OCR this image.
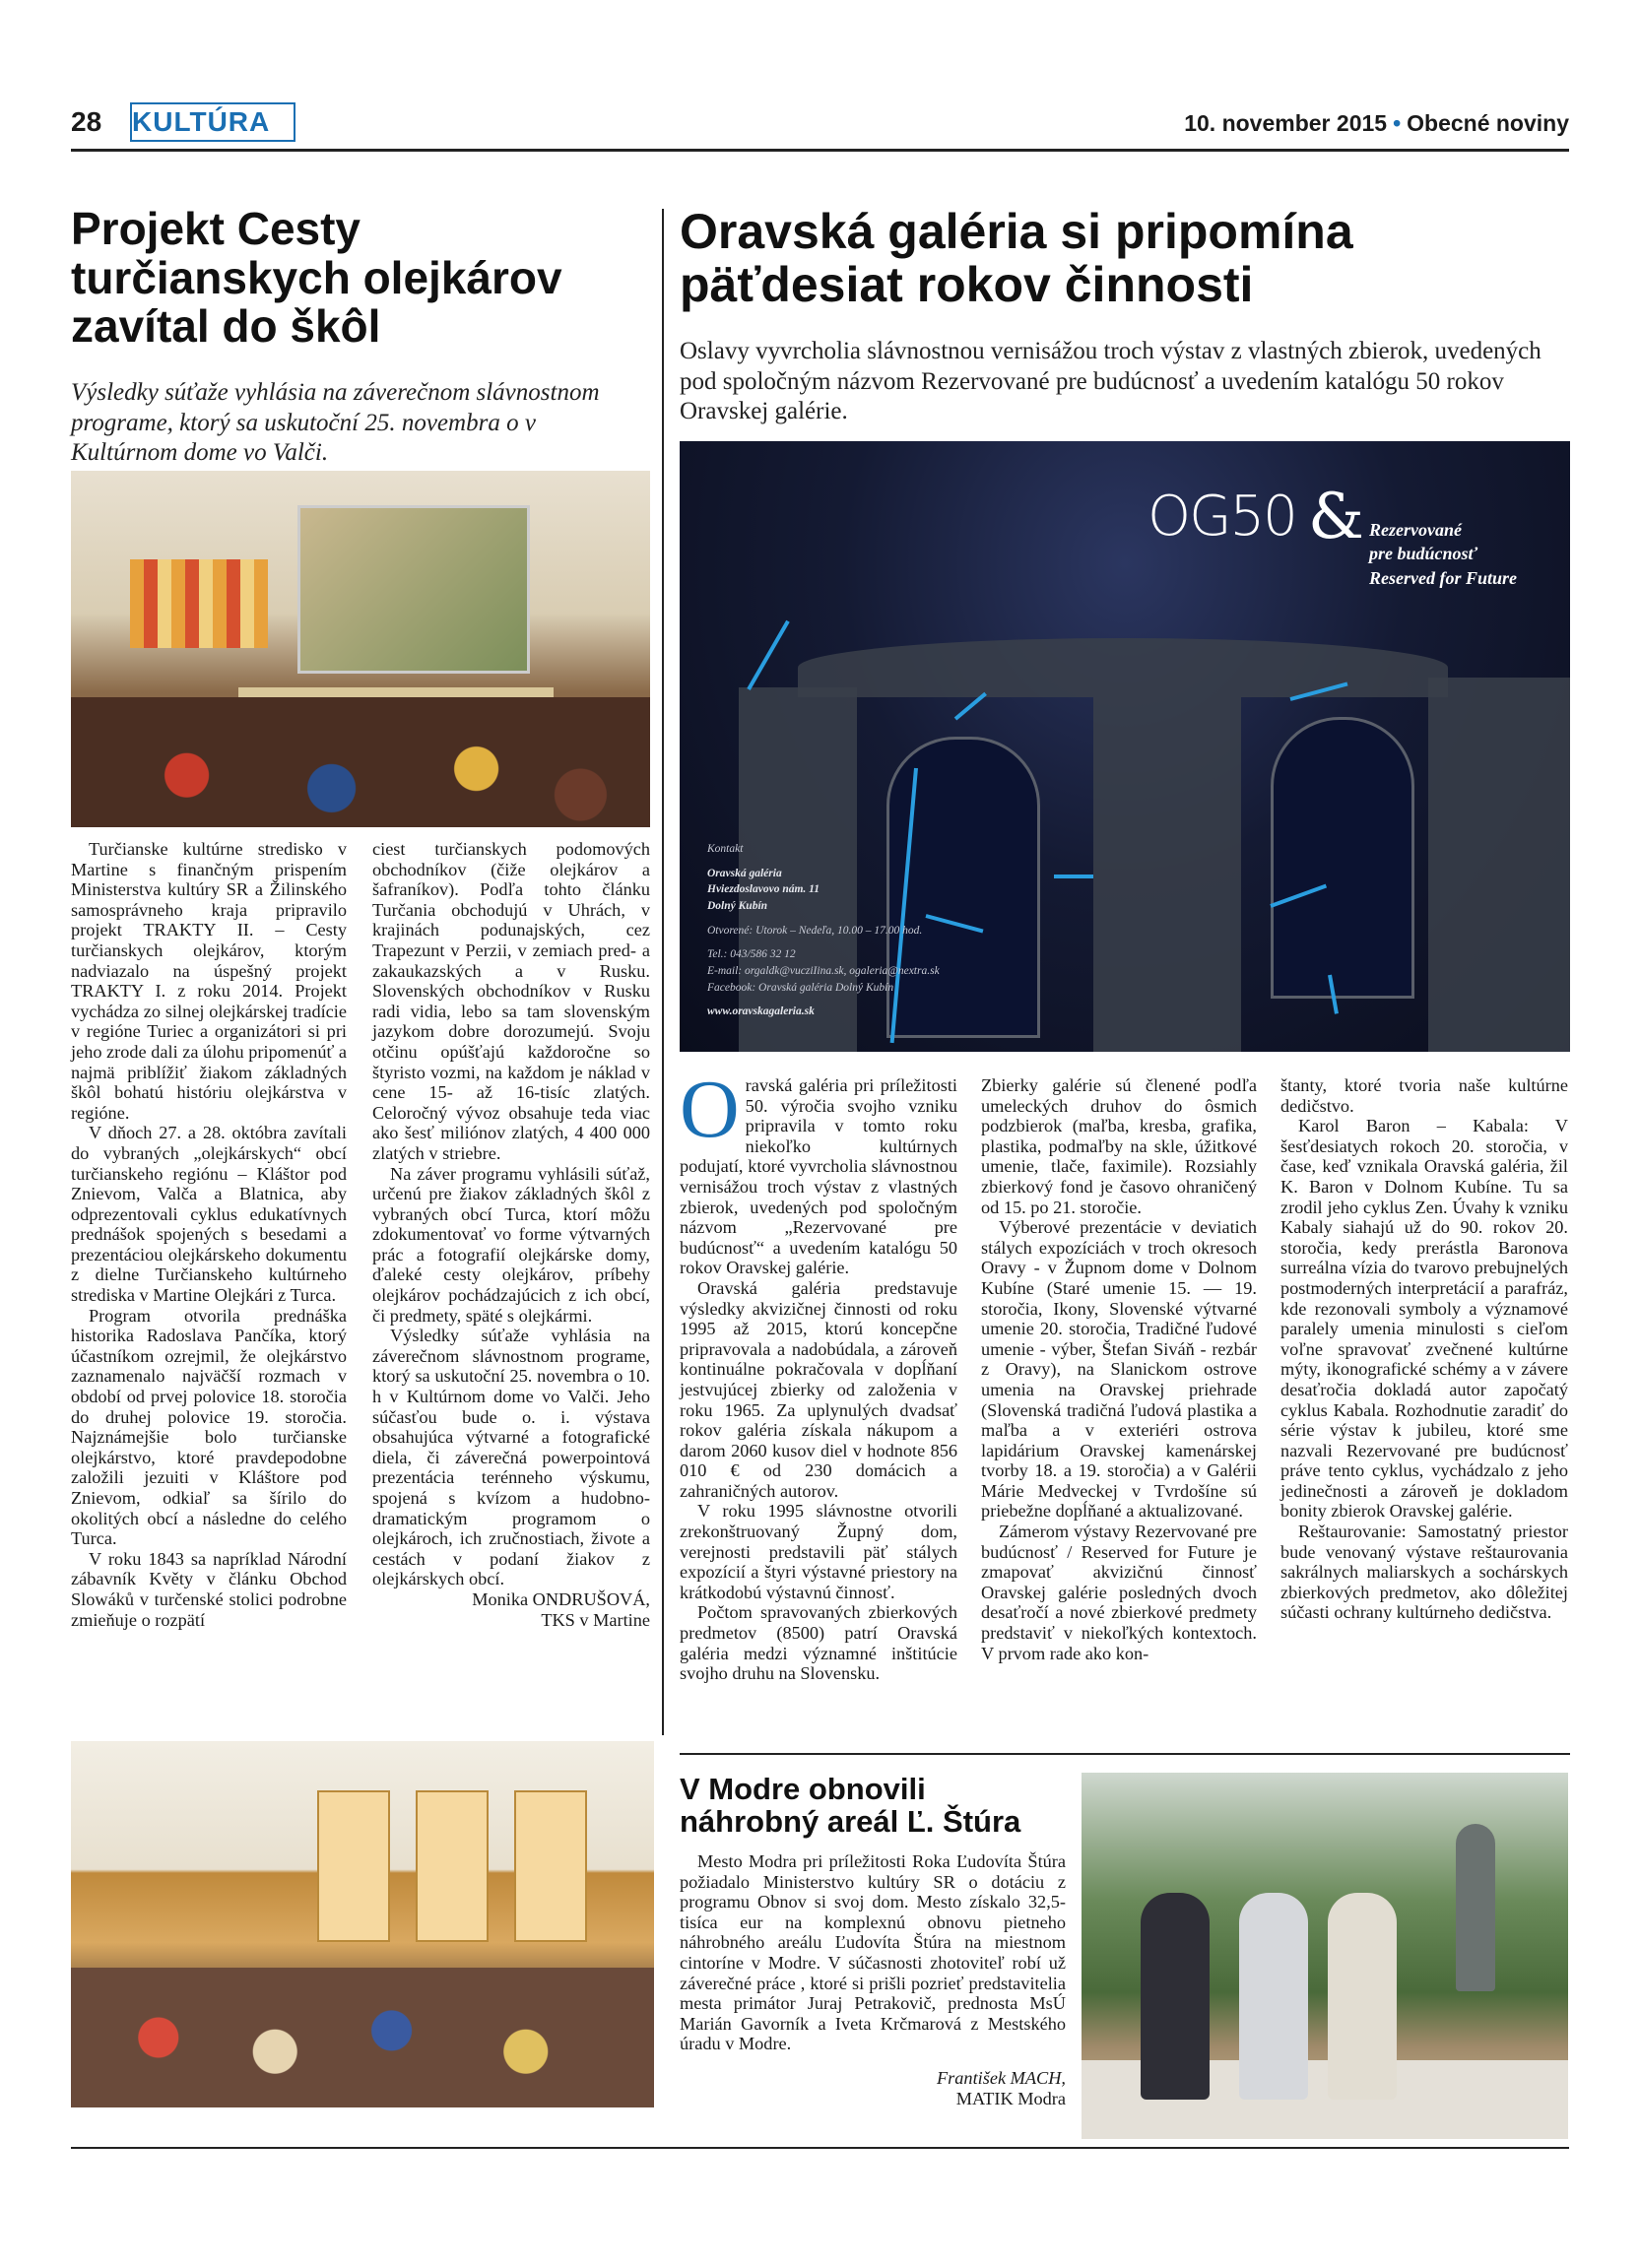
28 KULTÚRA	10. november 2015 • Obecné noviny
Projekt Cesty turčianskych olejkárov zavítal do škôl
Výsledky súťaže vyhlásia na záverečnom slávnostnom programe, ktorý sa uskutoční 25. novembra o v Kultúrnom dome vo Valči.

Turčianske kultúrne stredisko v Martine s finančným prispením Ministerstva kultúry SR a Žilinského samosprávneho kraja pripravilo projekt TRAKTY II. – Cesty turčianskych olejkárov, ktorým nadviazalo na úspešný projekt TRAKTY I. z roku 2014. Projekt vychádza zo silnej olejkárskej tradície v regióne Turiec a organizátori si pri jeho zrode dali za úlohu pripomenúť a najmä priblížiť žiakom základných škôl bohatú históriu olejkárstva v regióne.

V dňoch 27. a 28. októbra zavítali do vybraných „olejkárskych“ obcí turčianskeho regiónu – Kláštor pod Znievom, Valča a Blatnica, aby odprezentovali cyklus edukatívnych prednášok spojených s besedami a prezentáciou olejkárskeho dokumentu z dielne Turčianskeho kultúrneho strediska v Martine Olejkári z Turca.

Program otvorila prednáška historika Radoslava Pančíka, ktorý účastníkom ozrejmil, že olejkárstvo zaznamenalo najväčší rozmach v období od prvej polovice 18. storočia do druhej polovice 19. storočia. Najznámejšie bolo turčianske olejkárstvo, ktoré pravdepodobne založili jezuiti v Kláštore pod Znievom, odkiaľ sa šírilo do okolitých obcí a následne do celého Turca.

V roku 1843 sa napríklad Národní zábavník Květy v článku Obchod Slowáků v turčenské stolici podrobne zmieňuje o rozpätí

ciest turčianskych podomových obchodníkov (čiže olejkárov a šafraníkov). Podľa tohto článku Turčania obchodujú v Uhrách, v krajinách podunajských, cez Trapezunt v Perzii, v zemiach pred- a zakaukazských a v Rusku. Slovenských obchodníkov v Rusku radi vidia, lebo sa tam slovenským jazykom dobre dorozumejú. Svoju otčinu opúšťajú každoročne so štyristo vozmi, na každom je náklad v cene 15- až 16-tisíc zlatých. Celoročný vývoz obsahuje teda viac ako šesť miliónov zlatých, 4 400 000 zlatých v striebre.

Na záver programu vyhlásili súťaž, určenú pre žiakov základných škôl z vybraných obcí Turca, ktorí môžu zdokumentovať vo forme výtvarných prác a fotografií olejkárske domy, ďaleké cesty olejkárov, príbehy olejkárov pochádzajúcich z ich obcí, či predmety, späté s olejkármi.

Výsledky súťaže vyhlásia na záverečnom slávnostnom programe, ktorý sa uskutoční 25. novembra o 10. h v Kultúrnom dome vo Valči. Jeho súčasťou bude o. i. výstava obsahujúca výtvarné a fotografické diela, či záverečná powerpointová prezentácia terénneho výskumu, spojená s kvízom a hudobno-dramatickým programom o olejkároch, ich zručnostiach, životе a cestách v podaní žiakov z olejkárskych obcí.

Monika ONDRUŠOVÁ,

TKS v Martine

Oravská galéria si pripomína päťdesiat rokov činnosti
Oslavy vyvrcholia slávnostnou vernisážou troch výstav z vlastných zbierok, uvedených pod spoločným názvom Rezervované pre budúcnosť a uvedením katalógu 50 rokov Oravskej galérie.
OG50 & Rezervované
pre budúcnosť
Reserved for Future
Kontakt
Oravská galéria
Hviezdoslavovo nám. 11
Dolný Kubín
Otvorené: Utorok – Nedeľa, 10.00 – 17.00 hod.
Tel.: 043/586 32 12
E-mail: orgaldk@vucziIina.sk, ogaleria@nextra.sk
Facebook: Oravská galéria Dolný Kubín
www.oravskagaleria.sk

Oravská galéria pri príležitosti 50. výročia svojho vzniku pripravila v tomto roku niekoľko kultúrnych podujatí, ktoré vyvrcholia slávnostnou vernisážou troch výstav z vlastných zbierok, uvedených pod spoločným názvom „Rezervované pre budúcnosť“ a uvedením katalógu 50 rokov Oravskej galérie.

Oravská galéria predstavuje výsledky akvizičnej činnosti od roku 1995 až 2015, ktorú koncepčne pripravovala a nadobúdala, a zároveň kontinuálne pokračovala v dopĺňaní jestvujúcej zbierky od založenia v roku 1965. Za uplynulých dvadsať rokov galéria získala nákupom a darom 2060 kusov diel v hodnote 856 010 € od 230 domácich a zahraničných autorov.

V roku 1995 slávnostne otvorili zrekonštruovaný Župný dom, verejnosti predstavili päť stálych expozícií a štyri výstavné priestory na krátkodobú výstavnú činnosť.

Počtom spravovaných zbierkových predmetov (8500) patrí Oravská galéria medzi významné inštitúcie svojho druhu na Slovensku.

Zbierky galérie sú členené podľa umeleckých druhov do ôsmich podzbierok (maľba, kresba, grafika, plastika, podmaľby na skle, úžitkové umenie, tlače, faximile). Rozsiahly zbierkový fond je časovo ohraničený od 15. po 21. storočie.

Výberové prezentácie v deviatich stálych expozíciách v troch okresoch Oravy - v Župnom dome v Dolnom Kubíne (Staré umenie 15. — 19. storočia, Ikony, Slovenské výtvarné umenie 20. storočia, Tradičné ľudové umenie - výber, Štefan Siváň - rezbár z Oravy), na Slanickom ostrove umenia na Oravskej priehrade (Slovenská tradičná ľudová plastika a maľba a v exteriéri ostrova lapidárium Oravskej kamenárskej tvorby 18. a 19. storočia) a v Galérii Márie Medveckej v Tvrdošíne sú priebežne dopĺňané a aktualizované.

Zámerom výstavy Rezervované pre budúcnosť / Reserved for Future je zmapovať akvizičnú činnosť Oravskej galérie posledných dvoch desaťročí a nové zbierkové predmety predstaviť v niekoľkých kontextoch. V prvom rade ako kon-

štanty, ktoré tvoria naše kultúrne dedičstvo.

Karol Baron – Kabala: V šesťdesiatych rokoch 20. storočia, v čase, keď vznikala Oravská galéria, žil K. Baron v Dolnom Kubíne. Tu sa zrodil jeho cyklus Zen. Úvahy k vzniku Kabaly siahajú už do 90. rokov 20. storočia, kedy prerástla Baronova surreálna vízia do tvarovo prebujnelých postmoderných interpretácií a parafráz, kde rezonovali symboly a významové paralely umenia minulosti s cieľom voľne spravovať zvečnené kultúrne mýty, ikonografické schémy a v závere desaťročia dokladá autor započatý cyklus Kabala. Rozhodnutie zaradiť do série výstav k jubileu, ktoré sme nazvali Rezervované pre budúcnosť práve tento cyklus, vychádzalo z jeho jedinečnosti a zároveň je dokladom bonity zbierok Oravskej galérie.

Reštaurovanie: Samostatný priestor bude venovaný výstave reštaurovania sakrálnych maliarskych a sochárskych zbierkových predmetov, ako dôležitej súčasti ochrany kultúrneho dedičstva.

V Modre obnovili náhrobný areál Ľ. Štúra

Mesto Modra pri príležitosti Roka Ľudovíta Štúra požiadalo Ministerstvo kultúry SR o dotáciu z programu Obnov si svoj dom. Mesto získalo 32,5-tisíca eur na komplexnú obnovu pietneho náhrobného areálu Ľudovíta Štúra na miestnom cintoríne v Modre. V súčasnosti zhotoviteľ robí už záverečné práce , ktoré si prišli pozrieť predstavitelia mesta primátor Juraj Petrakovič, prednosta MsÚ Marián Gavorník a Iveta Krčmarová z Mestského úradu v Modre.

František MACH,

MATIK Modra
